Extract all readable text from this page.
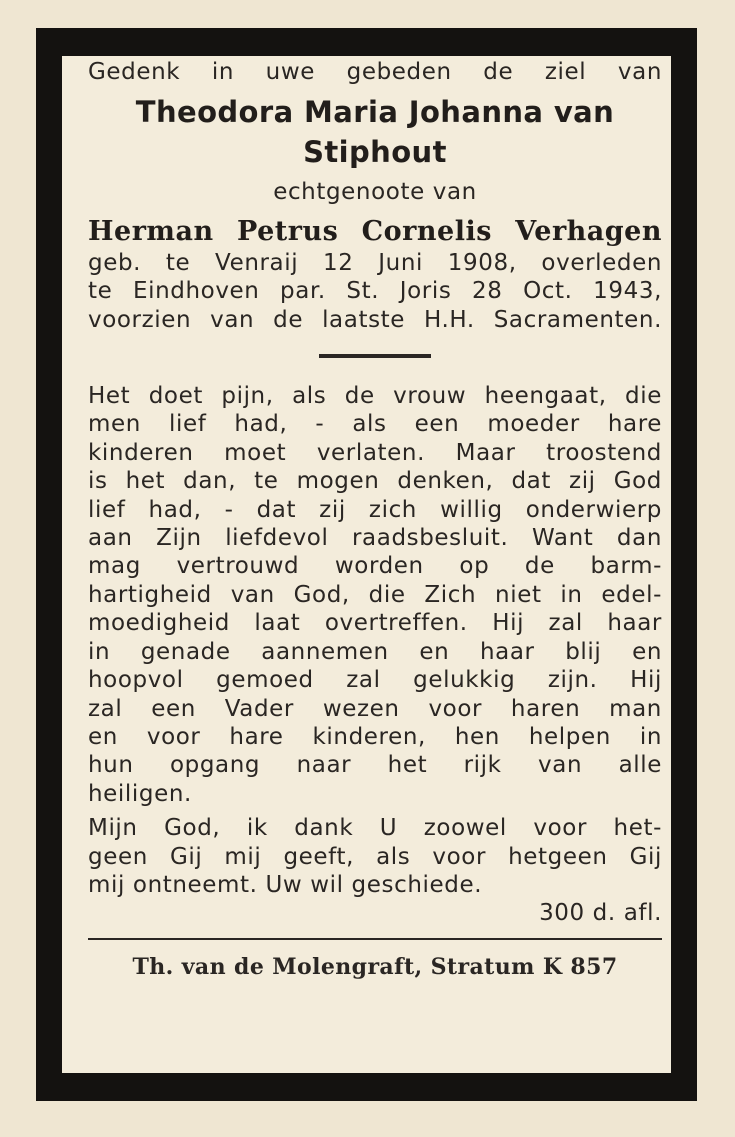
Gedenk in uwe gebeden de ziel van
Theodora Maria Johanna van
Stiphout
echtgenoote van
Herman Petrus Cornelis Verhagen
geb. te Venraij 12 Juni 1908, overleden
te Eindhoven par. St. Joris 28 Oct. 1943,
voorzien van de laatste H.H. Sacramenten.
Het doet pijn, als de vrouw heengaat, die
men lief had, - als een moeder hare
kinderen moet verlaten. Maar troostend
is het dan, te mogen denken, dat zij God
lief had, - dat zij zich willig onderwierp
aan Zijn liefdevol raadsbesluit. Want dan
mag vertrouwd worden op de barm-
hartigheid van God, die Zich niet in edel-
moedigheid laat overtreffen. Hij zal haar
in genade aannemen en haar blij en
hoopvol gemoed zal gelukkig zijn. Hij
zal een Vader wezen voor haren man
en voor hare kinderen, hen helpen in
hun opgang naar het rijk van alle
heiligen.
Mijn God, ik dank U zoowel voor het-
geen Gij mij geeft, als voor hetgeen Gij
mij ontneemt. Uw wil geschiede.
300 d. afl.
Th. van de Molengraft, Stratum K 857
